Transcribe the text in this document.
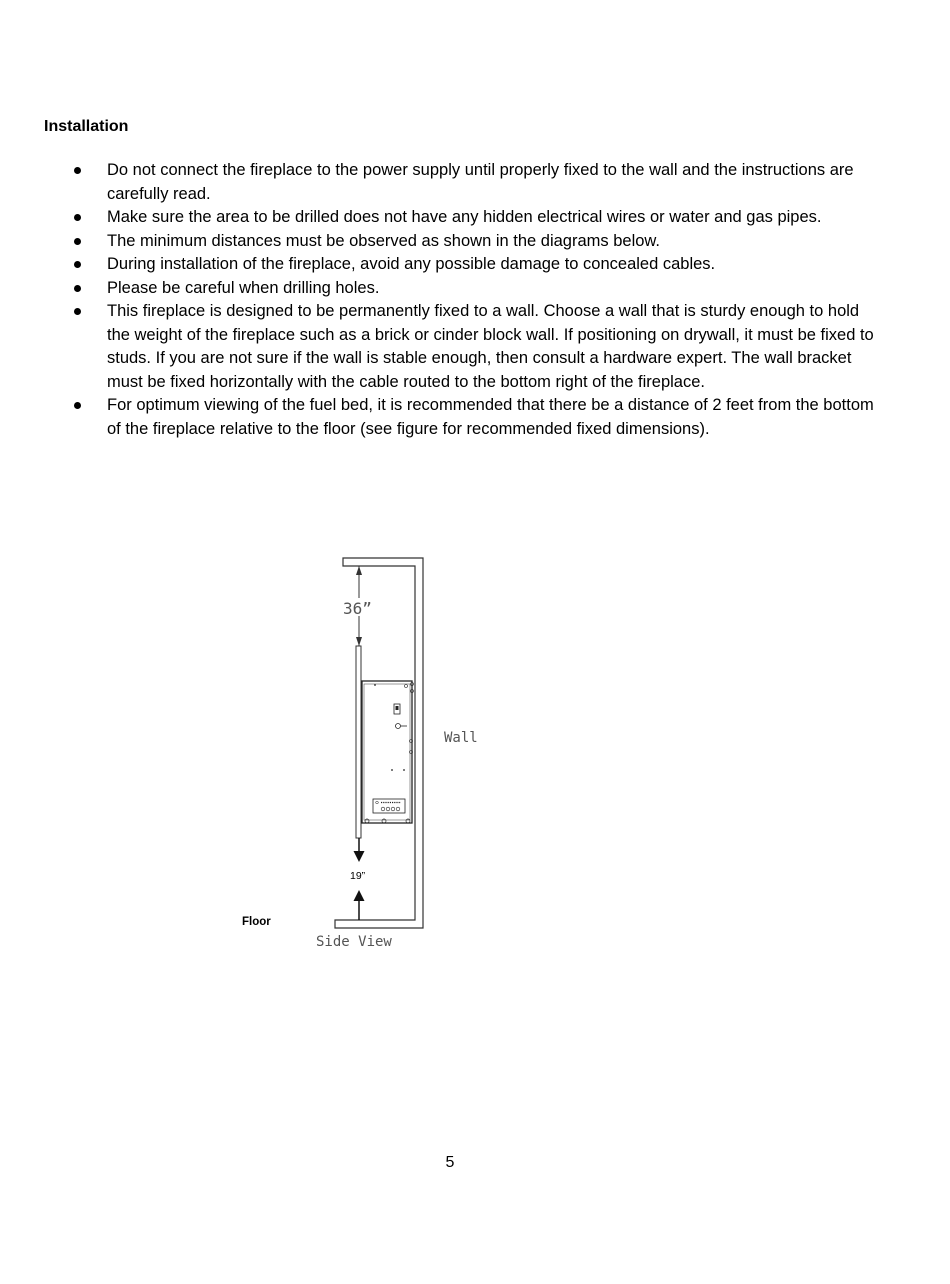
Installation
Do not connect the fireplace to the power supply until properly fixed to the wall and the instructions are carefully read.
Make sure the area to be drilled does not have any hidden electrical wires or water and gas pipes.
The minimum distances must be observed as shown in the diagrams below.
During installation of the fireplace, avoid any possible damage to concealed cables.
Please be careful when drilling holes.
This fireplace is designed to be permanently fixed to a wall. Choose a wall that is sturdy enough to hold the weight of the fireplace such as a brick or cinder block wall. If positioning on drywall, it must be fixed to studs. If you are not sure if the wall is stable enough, then consult a hardware expert. The wall bracket must be fixed horizontally with the cable routed to the bottom right of the fireplace.
For optimum viewing of the fuel bed, it is recommended that there be a distance of 2 feet from the bottom of the fireplace relative to the floor (see figure for recommended fixed dimensions).
36”
19”
Wall
Floor
Side View
5
